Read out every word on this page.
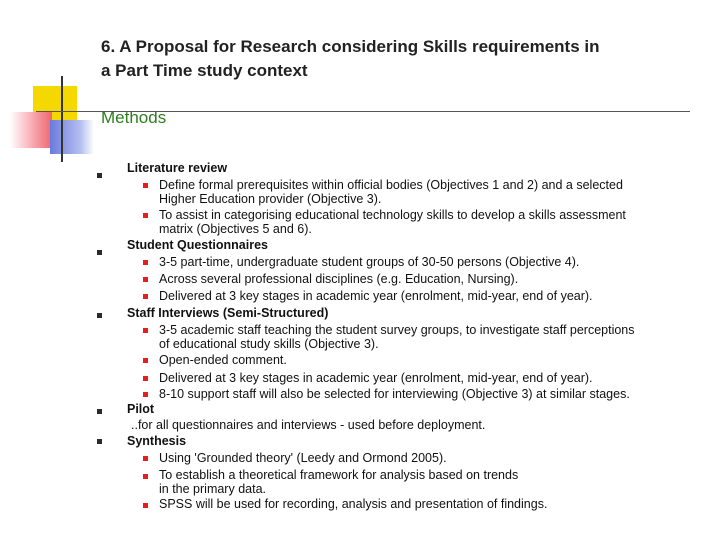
6. A Proposal for Research considering Skills requirements in
a Part Time study context
Methods
Literature review
Define formal prerequisites within official bodies (Objectives 1 and 2) and a selected
Higher Education provider (Objective 3).
To assist in categorising educational technology skills to develop a skills assessment
matrix (Objectives 5 and 6).
Student Questionnaires
3-5 part-time, undergraduate student groups of 30-50 persons (Objective 4).
Across several professional disciplines (e.g. Education, Nursing).
Delivered at 3 key stages in academic year (enrolment, mid-year, end of year).
Staff Interviews (Semi-Structured)
3-5 academic staff teaching the student survey groups, to investigate staff perceptions
of educational study skills (Objective 3).
Open-ended comment.
Delivered at 3 key stages in academic year (enrolment, mid-year, end of year).
8-10 support staff will also be selected for interviewing (Objective 3) at similar stages.
Pilot
..for all questionnaires and interviews - used before deployment.
Synthesis
Using 'Grounded theory' (Leedy and Ormond 2005).
To establish a theoretical framework for analysis based on trends
in the primary data.
SPSS will be used for recording, analysis and presentation of findings.
